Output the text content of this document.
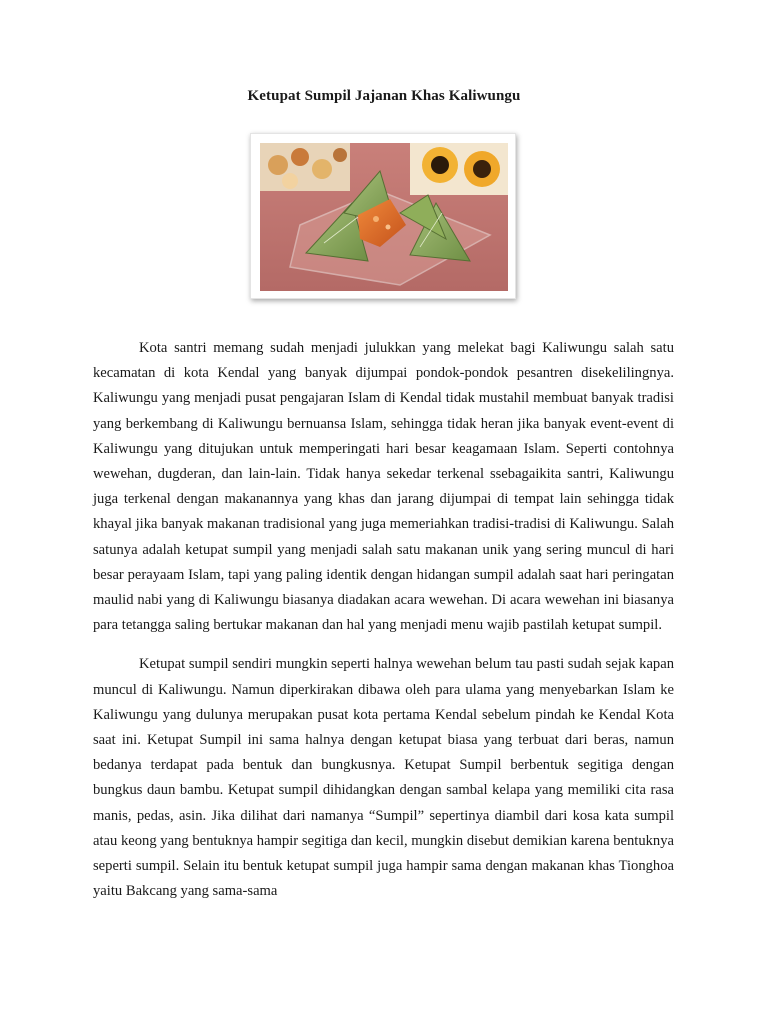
Ketupat Sumpil Jajanan Khas Kaliwungu

Kota santri memang sudah menjadi julukkan yang melekat bagi Kaliwungu salah satu kecamatan di kota Kendal yang banyak dijumpai pondok-pondok pesantren disekelilingnya. Kaliwungu yang menjadi pusat pengajaran Islam di Kendal tidak mustahil membuat banyak tradisi yang berkembang di Kaliwungu bernuansa Islam, sehingga tidak heran jika banyak event-event di Kaliwungu yang ditujukan untuk memperingati hari besar keagamaan Islam. Seperti contohnya wewehan, dugderan, dan lain-lain. Tidak hanya sekedar terkenal ssebagaikita santri, Kaliwungu juga terkenal dengan makanannya yang khas dan jarang dijumpai di tempat lain sehingga tidak khayal jika banyak makanan tradisional yang juga memeriahkan tradisi-tradisi di Kaliwungu. Salah satunya adalah ketupat sumpil yang menjadi salah satu makanan unik yang sering muncul di hari besar perayaam Islam, tapi yang paling identik dengan hidangan sumpil adalah saat hari peringatan maulid nabi yang di Kaliwungu biasanya diadakan acara wewehan. Di acara wewehan ini biasanya para tetangga saling bertukar makanan dan hal yang menjadi menu wajib pastilah ketupat sumpil.

Ketupat sumpil sendiri mungkin seperti halnya wewehan belum tau pasti sudah sejak kapan muncul di Kaliwungu. Namun diperkirakan dibawa oleh para ulama yang menyebarkan Islam ke Kaliwungu yang dulunya merupakan pusat kota pertama Kendal sebelum pindah ke Kendal Kota saat ini. Ketupat Sumpil ini sama halnya dengan ketupat biasa yang terbuat dari beras, namun bedanya terdapat pada bentuk dan bungkusnya. Ketupat Sumpil berbentuk segitiga dengan bungkus daun bambu. Ketupat sumpil dihidangkan dengan sambal kelapa yang memiliki cita rasa manis, pedas, asin. Jika dilihat dari namanya “Sumpil” sepertinya diambil dari kosa kata sumpil atau keong yang bentuknya hampir segitiga dan kecil, mungkin disebut demikian karena bentuknya seperti sumpil. Selain itu bentuk ketupat sumpil juga hampir sama dengan makanan khas Tionghoa yaitu Bakcang yang sama-sama
